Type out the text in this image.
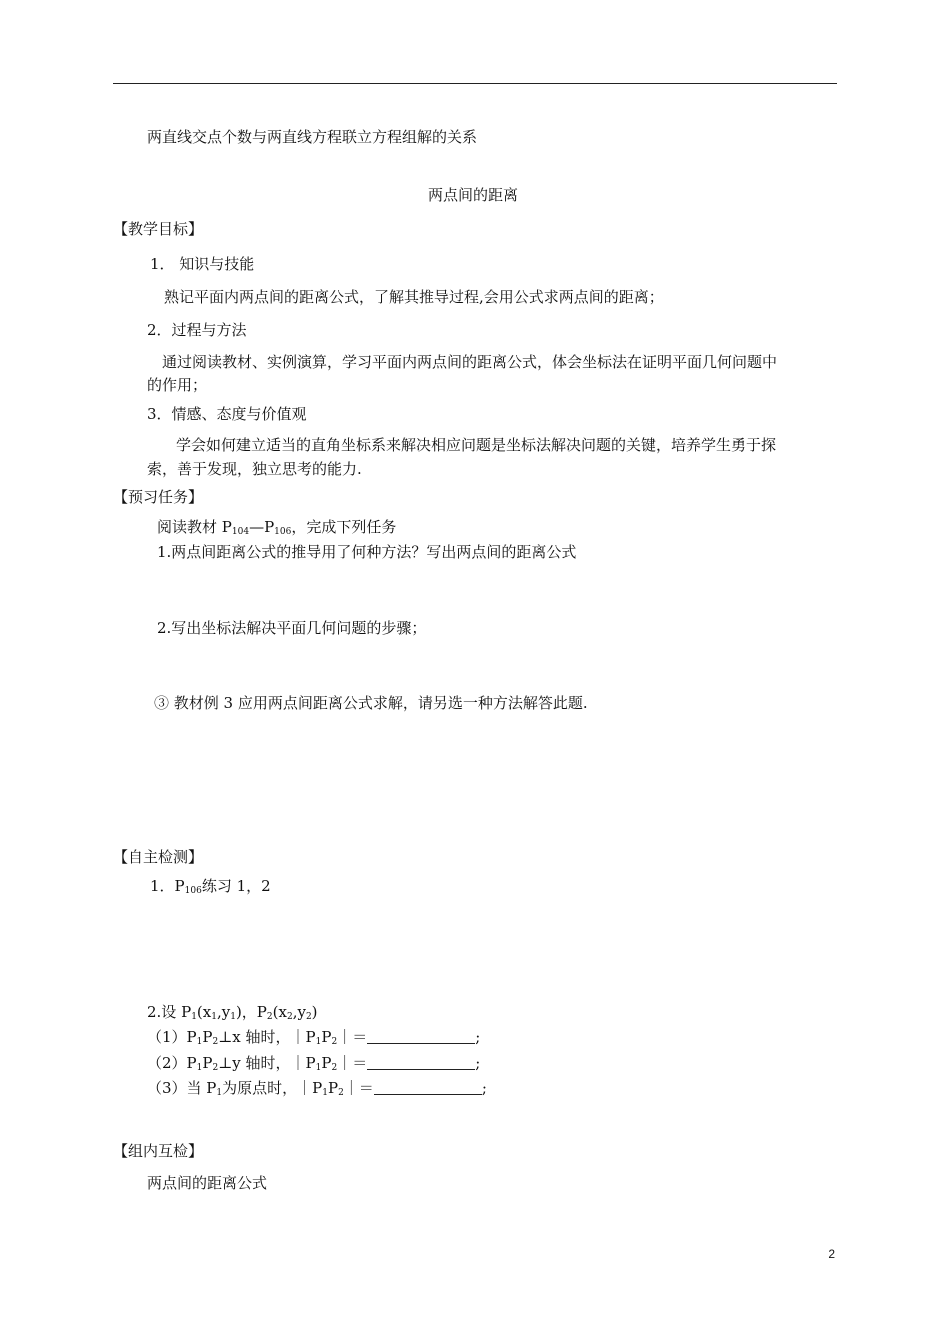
两直线交点个数与两直线方程联立方程组解的关系
两点间的距离
【教学目标】
1． 知识与技能
熟记平面内两点间的距离公式，了解其推导过程,会用公式求两点间的距离；
2．过程与方法
通过阅读教材、实例演算，学习平面内两点间的距离公式，体会坐标法在证明平面几何问题中
的作用；
3．情感、态度与价值观
学会如何建立适当的直角坐标系来解决相应问题是坐标法解决问题的关键，培养学生勇于探
索，善于发现，独立思考的能力.
【预习任务】
阅读教材 $P_{104}—P_{106}$，完成下列任务
1.两点间距离公式的推导用了何种方法？写出两点间的距离公式
2.写出坐标法解决平面几何问题的步骤；
③ 教材例 3 应用两点间距离公式求解，请另选一种方法解答此题.
【自主检测】
1．$P_{106}$练习 1，2
2.设 $P_1(x_1,y_1)$，$P_2(x_2,y_2)$
$(1)P_1P_2\perp x$ 轴时，$|P_1P_2|=$	;
$(2)P_1P_2\perp y$ 轴时，$|P_1P_2|=$	;
（3）当 $P_1$为原点时，$|P_1P_2|=$	;
【组内互检】
两点间的距离公式
2
